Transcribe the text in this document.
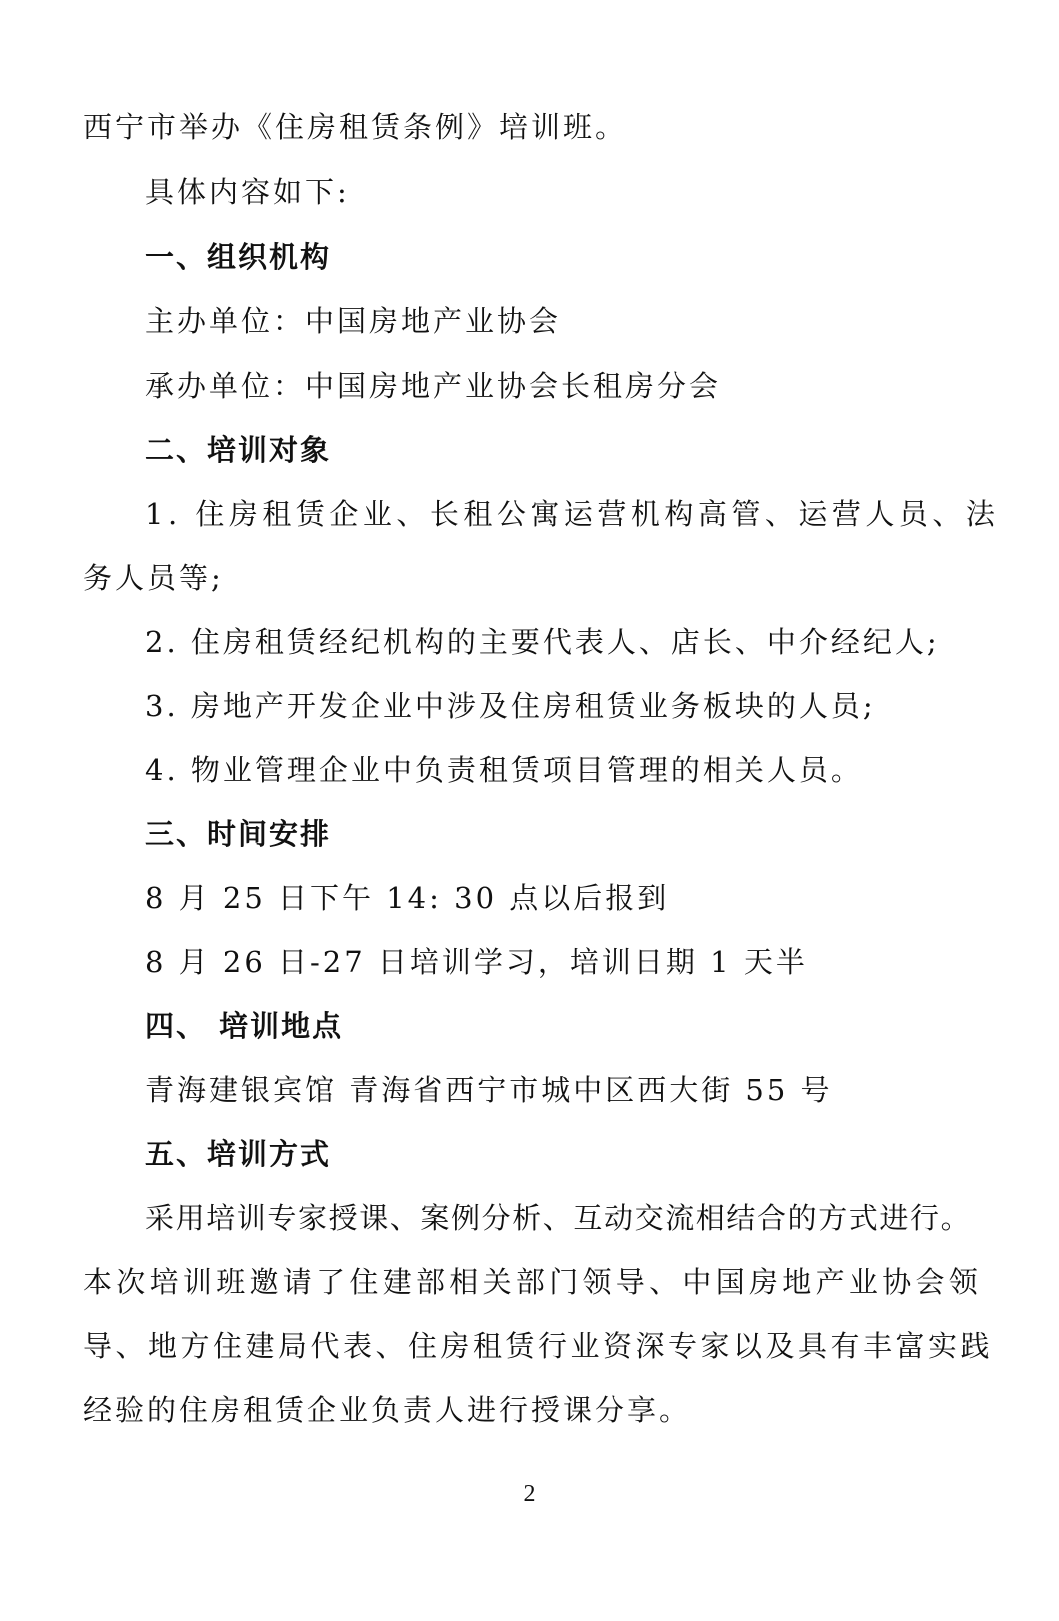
西宁市举办《住房租赁条例》培训班。
具体内容如下:
一、组织机构
主办单位：中国房地产业协会
承办单位：中国房地产业协会长租房分会
二、培训对象
1. 住房租赁企业、长租公寓运营机构高管、运营人员、法
务人员等;
2. 住房租赁经纪机构的主要代表人、店长、中介经纪人;
3. 房地产开发企业中涉及住房租赁业务板块的人员;
4. 物业管理企业中负责租赁项目管理的相关人员。
三、时间安排
8 月 25 日下午 14: 30 点以后报到
8 月 26 日-27 日培训学习，培训日期 1 天半
四、 培训地点
青海建银宾馆 青海省西宁市城中区西大街 55 号
五、培训方式
采用培训专家授课、案例分析、互动交流相结合的方式进行。
本次培训班邀请了住建部相关部门领导、中国房地产业协会领
导、地方住建局代表、住房租赁行业资深专家以及具有丰富实践
经验的住房租赁企业负责人进行授课分享。
2
